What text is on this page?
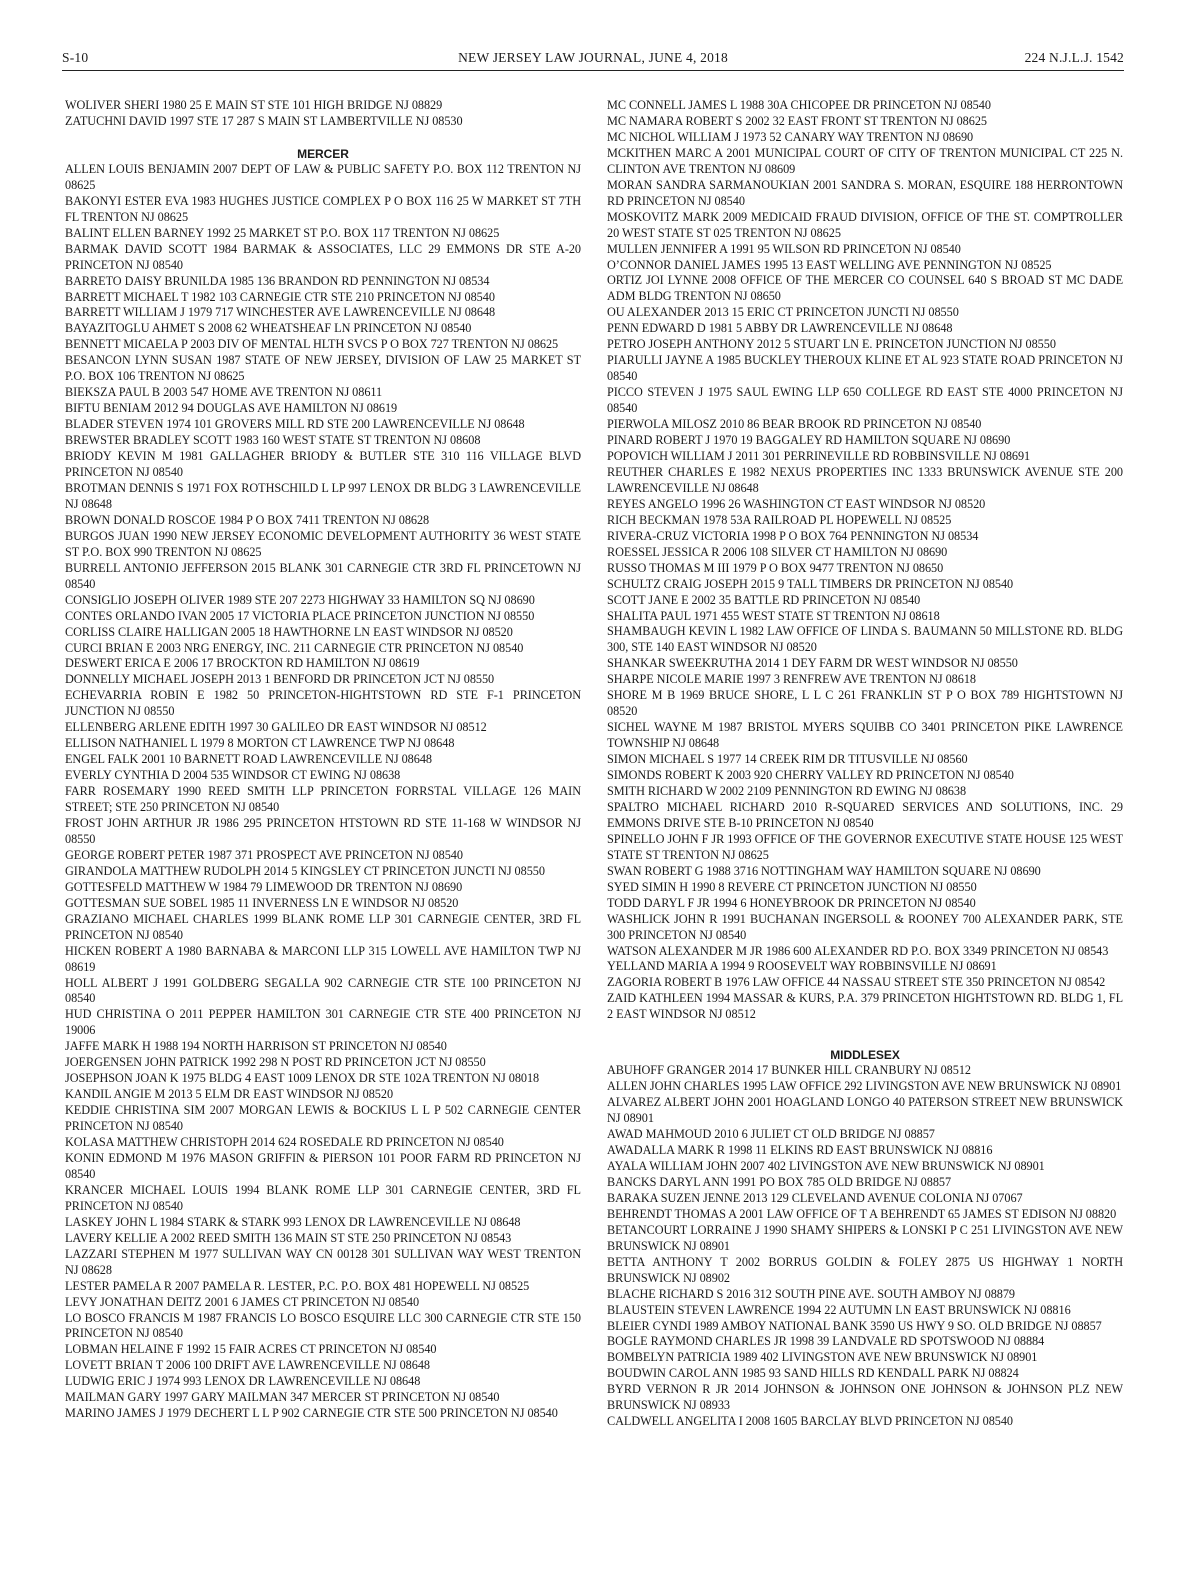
S-10	NEW JERSEY LAW JOURNAL, JUNE 4, 2018	224 N.J.L.J. 1542

WOLIVER SHERI 1980 25 E MAIN ST STE 101 HIGH BRIDGE NJ 08829

ZATUCHNI DAVID 1997 STE 17 287 S MAIN ST LAMBERTVILLE NJ 08530

MERCER

ALLEN LOUIS BENJAMIN 2007 DEPT OF LAW & PUBLIC SAFETY P.O. BOX 112 TRENTON NJ 08625

BAKONYI ESTER EVA 1983 HUGHES JUSTICE COMPLEX P O BOX 116 25 W MARKET ST 7TH FL TRENTON NJ 08625

BALINT ELLEN BARNEY 1992 25 MARKET ST P.O. BOX 117 TRENTON NJ 08625

BARMAK DAVID SCOTT 1984 BARMAK & ASSOCIATES, LLC 29 EMMONS DR STE A-20 PRINCETON NJ 08540

BARRETO DAISY BRUNILDA 1985 136 BRANDON RD PENNINGTON NJ 08534

BARRETT MICHAEL T 1982 103 CARNEGIE CTR STE 210 PRINCETON NJ 08540

BARRETT WILLIAM J 1979 717 WINCHESTER AVE LAWRENCEVILLE NJ 08648

BAYAZITOGLU AHMET S 2008 62 WHEATSHEAF LN PRINCETON NJ 08540

BENNETT MICAELA P 2003 DIV OF MENTAL HLTH SVCS P O BOX 727 TRENTON NJ 08625

BESANCON LYNN SUSAN 1987 STATE OF NEW JERSEY, DIVISION OF LAW 25 MARKET ST P.O. BOX 106 TRENTON NJ 08625

BIEKSZA PAUL B 2003 547 HOME AVE TRENTON NJ 08611

BIFTU BENIAM 2012 94 DOUGLAS AVE HAMILTON NJ 08619

BLADER STEVEN 1974 101 GROVERS MILL RD STE 200 LAWRENCEVILLE NJ 08648

BREWSTER BRADLEY SCOTT 1983 160 WEST STATE ST TRENTON NJ 08608

BRIODY KEVIN M 1981 GALLAGHER BRIODY & BUTLER STE 310 116 VILLAGE BLVD PRINCETON NJ 08540

BROTMAN DENNIS S 1971 FOX ROTHSCHILD L LP 997 LENOX DR BLDG 3 LAWRENCEVILLE NJ 08648

BROWN DONALD ROSCOE 1984 P O BOX 7411 TRENTON NJ 08628

BURGOS JUAN 1990 NEW JERSEY ECONOMIC DEVELOPMENT AUTHORITY 36 WEST STATE ST P.O. BOX 990 TRENTON NJ 08625

BURRELL ANTONIO JEFFERSON 2015 BLANK 301 CARNEGIE CTR 3RD FL PRINCETOWN NJ 08540

CONSIGLIO JOSEPH OLIVER 1989 STE 207 2273 HIGHWAY 33 HAMILTON SQ NJ 08690

CONTES ORLANDO IVAN 2005 17 VICTORIA PLACE PRINCETON JUNCTION NJ 08550

CORLISS CLAIRE HALLIGAN 2005 18 HAWTHORNE LN EAST WINDSOR NJ 08520

CURCI BRIAN E 2003 NRG ENERGY, INC. 211 CARNEGIE CTR PRINCETON NJ 08540

DESWERT ERICA E 2006 17 BROCKTON RD HAMILTON NJ 08619

DONNELLY MICHAEL JOSEPH 2013 1 BENFORD DR PRINCETON JCT NJ 08550

ECHEVARRIA ROBIN E 1982 50 PRINCETON-HIGHTSTOWN RD STE F-1 PRINCETON JUNCTION NJ 08550

ELLENBERG ARLENE EDITH 1997 30 GALILEO DR EAST WINDSOR NJ 08512

ELLISON NATHANIEL L 1979 8 MORTON CT LAWRENCE TWP NJ 08648

ENGEL FALK 2001 10 BARNETT ROAD LAWRENCEVILLE NJ 08648

EVERLY CYNTHIA D 2004 535 WINDSOR CT EWING NJ 08638

FARR ROSEMARY 1990 REED SMITH LLP PRINCETON FORRSTAL VILLAGE 126 MAIN STREET; STE 250 PRINCETON NJ 08540

FROST JOHN ARTHUR JR 1986 295 PRINCETON HTSTOWN RD STE 11-168 W WINDSOR NJ 08550

GEORGE ROBERT PETER 1987 371 PROSPECT AVE PRINCETON NJ 08540

GIRANDOLA MATTHEW RUDOLPH 2014 5 KINGSLEY CT PRINCETON JUNCTI NJ 08550

GOTTESFELD MATTHEW W 1984 79 LIMEWOOD DR TRENTON NJ 08690

GOTTESMAN SUE SOBEL 1985 11 INVERNESS LN E WINDSOR NJ 08520

GRAZIANO MICHAEL CHARLES 1999 BLANK ROME LLP 301 CARNEGIE CENTER, 3RD FL PRINCETON NJ 08540

HICKEN ROBERT A 1980 BARNABA & MARCONI LLP 315 LOWELL AVE HAMILTON TWP NJ 08619

HOLL ALBERT J 1991 GOLDBERG SEGALLA 902 CARNEGIE CTR STE 100 PRINCETON NJ 08540

HUD CHRISTINA O 2011 PEPPER HAMILTON 301 CARNEGIE CTR STE 400 PRINCETON NJ 19006

JAFFE MARK H 1988 194 NORTH HARRISON ST PRINCETON NJ 08540

JOERGENSEN JOHN PATRICK 1992 298 N POST RD PRINCETON JCT NJ 08550

JOSEPHSON JOAN K 1975 BLDG 4 EAST 1009 LENOX DR STE 102A TRENTON NJ 08018

KANDIL ANGIE M 2013 5 ELM DR EAST WINDSOR NJ 08520

KEDDIE CHRISTINA SIM 2007 MORGAN LEWIS & BOCKIUS L L P 502 CARNEGIE CENTER PRINCETON NJ 08540

KOLASA MATTHEW CHRISTOPH 2014 624 ROSEDALE RD PRINCETON NJ 08540

KONIN EDMOND M 1976 MASON GRIFFIN & PIERSON 101 POOR FARM RD PRINCETON NJ 08540

KRANCER MICHAEL LOUIS 1994 BLANK ROME LLP 301 CARNEGIE CENTER, 3RD FL PRINCETON NJ 08540

LASKEY JOHN L 1984 STARK & STARK 993 LENOX DR LAWRENCEVILLE NJ 08648

LAVERY KELLIE A 2002 REED SMITH 136 MAIN ST STE 250 PRINCETON NJ 08543

LAZZARI STEPHEN M 1977 SULLIVAN WAY CN 00128 301 SULLIVAN WAY WEST TRENTON NJ 08628

LESTER PAMELA R 2007 PAMELA R. LESTER, P.C. P.O. BOX 481 HOPEWELL NJ 08525

LEVY JONATHAN DEITZ 2001 6 JAMES CT PRINCETON NJ 08540

LO BOSCO FRANCIS M 1987 FRANCIS LO BOSCO ESQUIRE LLC 300 CARNEGIE CTR STE 150 PRINCETON NJ 08540

LOBMAN HELAINE F 1992 15 FAIR ACRES CT PRINCETON NJ 08540

LOVETT BRIAN T 2006 100 DRIFT AVE LAWRENCEVILLE NJ 08648

LUDWIG ERIC J 1974 993 LENOX DR LAWRENCEVILLE NJ 08648

MAILMAN GARY 1997 GARY MAILMAN 347 MERCER ST PRINCETON NJ 08540

MARINO JAMES J 1979 DECHERT L L P 902 CARNEGIE CTR STE 500 PRINCETON NJ 08540

MC CONNELL JAMES L 1988 30A CHICOPEE DR PRINCETON NJ 08540

MC NAMARA ROBERT S 2002 32 EAST FRONT ST TRENTON NJ 08625

MC NICHOL WILLIAM J 1973 52 CANARY WAY TRENTON NJ 08690

MCKITHEN MARC A 2001 MUNICIPAL COURT OF CITY OF TRENTON MUNICIPAL CT 225 N. CLINTON AVE TRENTON NJ 08609

MORAN SANDRA SARMANOUKIAN 2001 SANDRA S. MORAN, ESQUIRE 188 HERRONTOWN RD PRINCETON NJ 08540

MOSKOVITZ MARK 2009 MEDICAID FRAUD DIVISION, OFFICE OF THE ST. COMPTROLLER 20 WEST STATE ST 025 TRENTON NJ 08625

MULLEN JENNIFER A 1991 95 WILSON RD PRINCETON NJ 08540

O’CONNOR DANIEL JAMES 1995 13 EAST WELLING AVE PENNINGTON NJ 08525

ORTIZ JOI LYNNE 2008 OFFICE OF THE MERCER CO COUNSEL 640 S BROAD ST MC DADE ADM BLDG TRENTON NJ 08650

OU ALEXANDER 2013 15 ERIC CT PRINCETON JUNCTI NJ 08550

PENN EDWARD D 1981 5 ABBY DR LAWRENCEVILLE NJ 08648

PETRO JOSEPH ANTHONY 2012 5 STUART LN E. PRINCETON JUNCTION NJ 08550

PIARULLI JAYNE A 1985 BUCKLEY THEROUX KLINE ET AL 923 STATE ROAD PRINCETON NJ 08540

PICCO STEVEN J 1975 SAUL EWING LLP 650 COLLEGE RD EAST STE 4000 PRINCETON NJ 08540

PIERWOLA MILOSZ 2010 86 BEAR BROOK RD PRINCETON NJ 08540

PINARD ROBERT J 1970 19 BAGGALEY RD HAMILTON SQUARE NJ 08690

POPOVICH WILLIAM J 2011 301 PERRINEVILLE RD ROBBINSVILLE NJ 08691

REUTHER CHARLES E 1982 NEXUS PROPERTIES INC 1333 BRUNSWICK AVENUE STE 200 LAWRENCEVILLE NJ 08648

REYES ANGELO 1996 26 WASHINGTON CT EAST WINDSOR NJ 08520

RICH BECKMAN 1978 53A RAILROAD PL HOPEWELL NJ 08525

RIVERA-CRUZ VICTORIA 1998 P O BOX 764 PENNINGTON NJ 08534

ROESSEL JESSICA R 2006 108 SILVER CT HAMILTON NJ 08690

RUSSO THOMAS M III 1979 P O BOX 9477 TRENTON NJ 08650

SCHULTZ CRAIG JOSEPH 2015 9 TALL TIMBERS DR PRINCETON NJ 08540

SCOTT JANE E 2002 35 BATTLE RD PRINCETON NJ 08540

SHALITA PAUL 1971 455 WEST STATE ST TRENTON NJ 08618

SHAMBAUGH KEVIN L 1982 LAW OFFICE OF LINDA S. BAUMANN 50 MILLSTONE RD. BLDG 300, STE 140 EAST WINDSOR NJ 08520

SHANKAR SWEEKRUTHA 2014 1 DEY FARM DR WEST WINDSOR NJ 08550

SHARPE NICOLE MARIE 1997 3 RENFREW AVE TRENTON NJ 08618

SHORE M B 1969 BRUCE SHORE, L L C 261 FRANKLIN ST P O BOX 789 HIGHTSTOWN NJ 08520

SICHEL WAYNE M 1987 BRISTOL MYERS SQUIBB CO 3401 PRINCETON PIKE LAWRENCE TOWNSHIP NJ 08648

SIMON MICHAEL S 1977 14 CREEK RIM DR TITUSVILLE NJ 08560

SIMONDS ROBERT K 2003 920 CHERRY VALLEY RD PRINCETON NJ 08540

SMITH RICHARD W 2002 2109 PENNINGTON RD EWING NJ 08638

SPALTRO MICHAEL RICHARD 2010 R-SQUARED SERVICES AND SOLUTIONS, INC. 29 EMMONS DRIVE STE B-10 PRINCETON NJ 08540

SPINELLO JOHN F JR 1993 OFFICE OF THE GOVERNOR EXECUTIVE STATE HOUSE 125 WEST STATE ST TRENTON NJ 08625

SWAN ROBERT G 1988 3716 NOTTINGHAM WAY HAMILTON SQUARE NJ 08690

SYED SIMIN H 1990 8 REVERE CT PRINCETON JUNCTION NJ 08550

TODD DARYL F JR 1994 6 HONEYBROOK DR PRINCETON NJ 08540

WASHLICK JOHN R 1991 BUCHANAN INGERSOLL & ROONEY 700 ALEXANDER PARK, STE 300 PRINCETON NJ 08540

WATSON ALEXANDER M JR 1986 600 ALEXANDER RD P.O. BOX 3349 PRINCETON NJ 08543

YELLAND MARIA A 1994 9 ROOSEVELT WAY ROBBINSVILLE NJ 08691

ZAGORIA ROBERT B 1976 LAW OFFICE 44 NASSAU STREET STE 350 PRINCETON NJ 08542

ZAID KATHLEEN 1994 MASSAR & KURS, P.A. 379 PRINCETON HIGHTSTOWN RD. BLDG 1, FL 2 EAST WINDSOR NJ 08512

MIDDLESEX

ABUHOFF GRANGER 2014 17 BUNKER HILL CRANBURY NJ 08512

ALLEN JOHN CHARLES 1995 LAW OFFICE 292 LIVINGSTON AVE NEW BRUNSWICK NJ 08901

ALVAREZ ALBERT JOHN 2001 HOAGLAND LONGO 40 PATERSON STREET NEW BRUNSWICK NJ 08901

AWAD MAHMOUD 2010 6 JULIET CT OLD BRIDGE NJ 08857

AWADALLA MARK R 1998 11 ELKINS RD EAST BRUNSWICK NJ 08816

AYALA WILLIAM JOHN 2007 402 LIVINGSTON AVE NEW BRUNSWICK NJ 08901

BANCKS DARYL ANN 1991 PO BOX 785 OLD BRIDGE NJ 08857

BARAKA SUZEN JENNE 2013 129 CLEVELAND AVENUE COLONIA NJ 07067

BEHRENDT THOMAS A 2001 LAW OFFICE OF T A BEHRENDT 65 JAMES ST EDISON NJ 08820

BETANCOURT LORRAINE J 1990 SHAMY SHIPERS & LONSKI P C 251 LIVINGSTON AVE NEW BRUNSWICK NJ 08901

BETTA ANTHONY T 2002 BORRUS GOLDIN & FOLEY 2875 US HIGHWAY 1 NORTH BRUNSWICK NJ 08902

BLACHE RICHARD S 2016 312 SOUTH PINE AVE. SOUTH AMBOY NJ 08879

BLAUSTEIN STEVEN LAWRENCE 1994 22 AUTUMN LN EAST BRUNSWICK NJ 08816

BLEIER CYNDI 1989 AMBOY NATIONAL BANK 3590 US HWY 9 SO. OLD BRIDGE NJ 08857

BOGLE RAYMOND CHARLES JR 1998 39 LANDVALE RD SPOTSWOOD NJ 08884

BOMBELYN PATRICIA 1989 402 LIVINGSTON AVE NEW BRUNSWICK NJ 08901

BOUDWIN CAROL ANN 1985 93 SAND HILLS RD KENDALL PARK NJ 08824

BYRD VERNON R JR 2014 JOHNSON & JOHNSON ONE JOHNSON & JOHNSON PLZ NEW BRUNSWICK NJ 08933

CALDWELL ANGELITA I 2008 1605 BARCLAY BLVD PRINCETON NJ 08540
